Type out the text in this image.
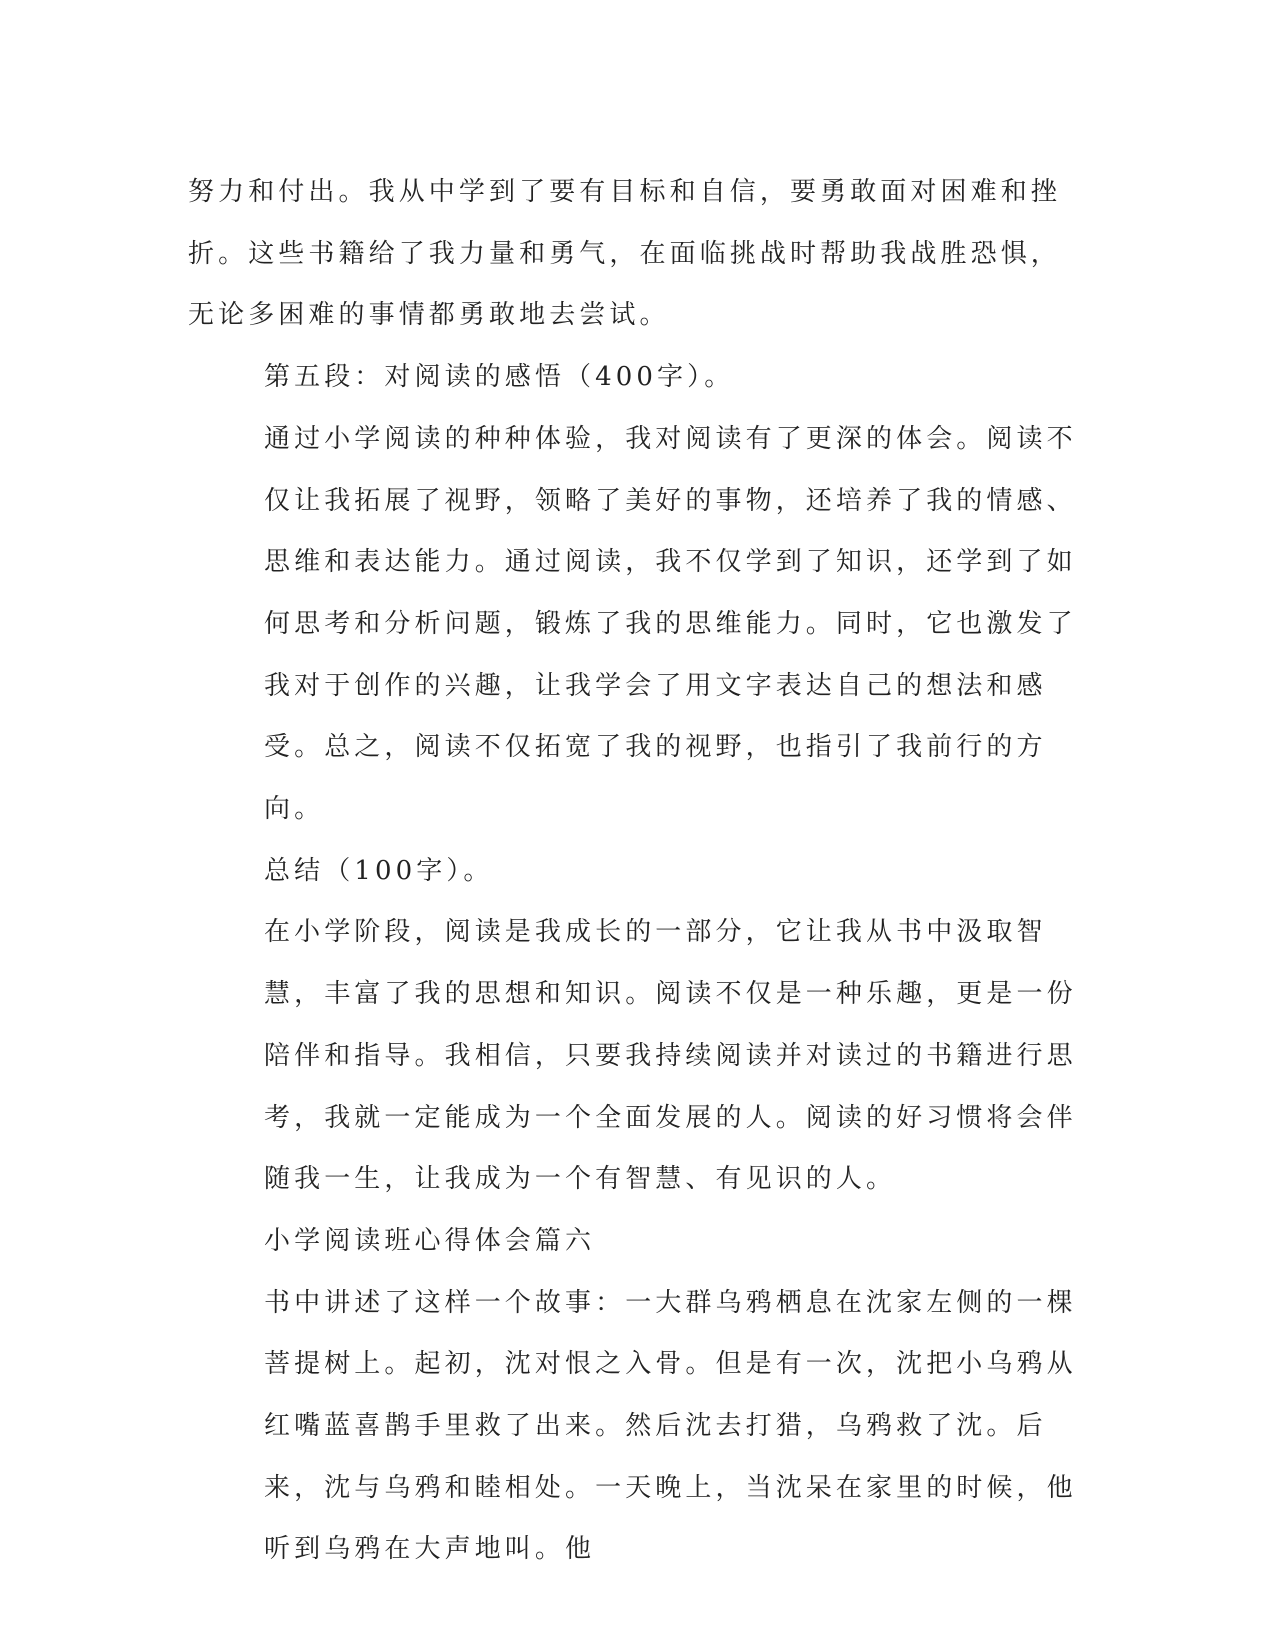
努力和付出。我从中学到了要有目标和自信，要勇敢面对困难和挫折。这些书籍给了我力量和勇气，在面临挑战时帮助我战胜恐惧，无论多困难的事情都勇敢地去尝试。

第五段：对阅读的感悟（400字）。

通过小学阅读的种种体验，我对阅读有了更深的体会。阅读不仅让我拓展了视野，领略了美好的事物，还培养了我的情感、思维和表达能力。通过阅读，我不仅学到了知识，还学到了如何思考和分析问题，锻炼了我的思维能力。同时，它也激发了我对于创作的兴趣，让我学会了用文字表达自己的想法和感受。总之，阅读不仅拓宽了我的视野，也指引了我前行的方向。

总结（100字）。

在小学阶段，阅读是我成长的一部分，它让我从书中汲取智慧，丰富了我的思想和知识。阅读不仅是一种乐趣，更是一份陪伴和指导。我相信，只要我持续阅读并对读过的书籍进行思考，我就一定能成为一个全面发展的人。阅读的好习惯将会伴随我一生，让我成为一个有智慧、有见识的人。

小学阅读班心得体会篇六

书中讲述了这样一个故事：一大群乌鸦栖息在沈家左侧的一棵菩提树上。起初，沈对恨之入骨。但是有一次，沈把小乌鸦从红嘴蓝喜鹊手里救了出来。然后沈去打猎，乌鸦救了沈。后来，沈与乌鸦和睦相处。一天晚上，当沈呆在家里的时候，他听到乌鸦在大声地叫。他
